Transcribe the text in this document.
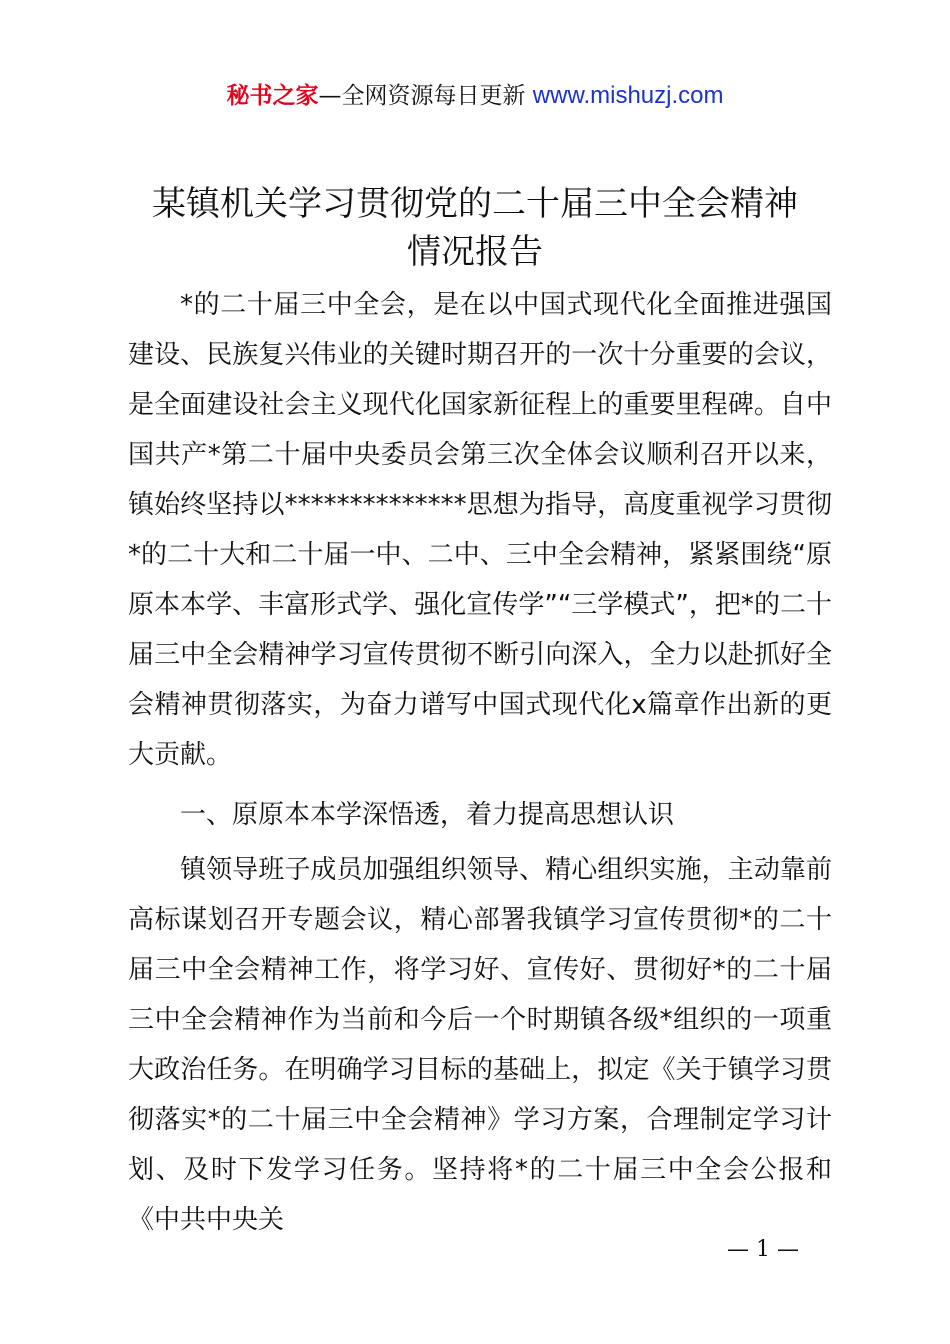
秘书之家—全网资源每日更新 www.mishuzj.com
某镇机关学习贯彻党的二十届三中全会精神
情况报告

*的二十届三中全会，是在以中国式现代化全面推进强国建设、民族复兴伟业的关键时期召开的一次十分重要的会议，是全面建设社会主义现代化国家新征程上的重要里程碑。自中国共产*第二十届中央委员会第三次全体会议顺利召开以来，镇始终坚持以**************思想为指导，高度重视学习贯彻*的二十大和二十届一中、二中、三中全会精神，紧紧围绕“原原本本学、丰富形式学、强化宣传学”“三学模式”，把*的二十届三中全会精神学习宣传贯彻不断引向深入，全力以赴抓好全会精神贯彻落实，为奋力谱写中国式现代化x篇章作出新的更大贡献。

一、原原本本学深悟透，着力提高思想认识

镇领导班子成员加强组织领导、精心组织实施，主动靠前高标谋划召开专题会议，精心部署我镇学习宣传贯彻*的二十届三中全会精神工作，将学习好、宣传好、贯彻好*的二十届三中全会精神作为当前和今后一个时期镇各级*组织的一项重大政治任务。在明确学习目标的基础上，拟定《关于镇学习贯彻落实*的二十届三中全会精神》学习方案，合理制定学习计划、及时下发学习任务。坚持将*的二十届三中全会公报和《中共中央关

— 1 —
